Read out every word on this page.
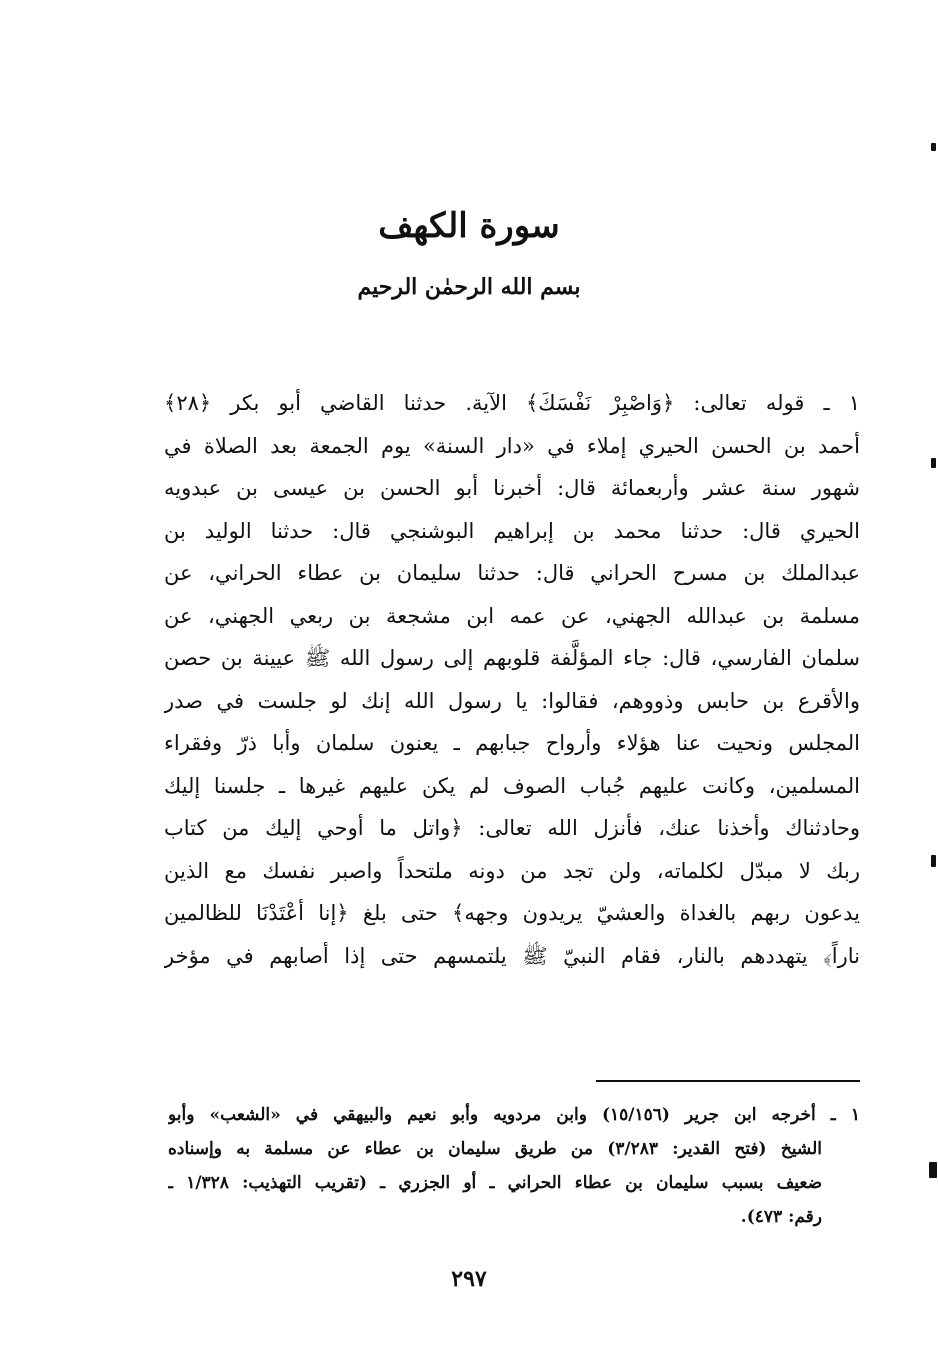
سورة الكهف
بسم الله الرحمٰن الرحيم
١ ـ قوله تعالى: ﴿وَاصْبِرْ نَفْسَكَ﴾ الآية. حدثنا القاضي أبو بكر ﴿٢٨﴾
أحمد بن الحسن الحيري إملاء في «دار السنة» يوم الجمعة بعد الصلاة في
شهور سنة عشر وأربعمائة قال: أخبرنا أبو الحسن بن عيسى بن عبدويه
الحيري قال: حدثنا محمد بن إبراهيم البوشنجي قال: حدثنا الوليد بن
عبدالملك بن مسرح الحراني قال: حدثنا سليمان بن عطاء الحراني، عن
مسلمة بن عبدالله الجهني، عن عمه ابن مشجعة بن ربعي الجهني، عن
سلمان الفارسي، قال: جاء المؤلَّفة قلوبهم إلى رسول الله ﷺ عيينة بن حصن
والأقرع بن حابس وذووهم، فقالوا: يا رسول الله إنك لو جلست في صدر
المجلس ونحيت عنا هؤلاء وأرواح جبابهم ـ يعنون سلمان وأبا ذرّ وفقراء
المسلمين، وكانت عليهم جُباب الصوف لم يكن عليهم غيرها ـ جلسنا إليك
وحادثناك وأخذنا عنك، فأنزل الله تعالى: ﴿واتل ما أوحي إليك من كتاب
ربك لا مبدّل لكلماته، ولن تجد من دونه ملتحداً واصبر نفسك مع الذين
يدعون ربهم بالغداة والعشيّ يريدون وجهه﴾ حتى بلغ ﴿إنا أعْتَدْنَا للظالمين
ناراً﴾ يتهددهم بالنار، فقام النبيّ ﷺ يلتمسهم حتى إذا أصابهم في مؤخر
١ ـ أخرجه ابن جرير (١٥/١٥٦) وابن مردويه وأبو نعيم والبيهقي في «الشعب» وأبو
الشيخ (فتح القدير: ٣/٢٨٣) من طريق سليمان بن عطاء عن مسلمة به وإسناده
ضعيف بسبب سليمان بن عطاء الحراني ـ أو الجزري ـ (تقريب التهذيب: ١/٣٢٨ ـ
رقم: ٤٧٣).
٢٩٧
